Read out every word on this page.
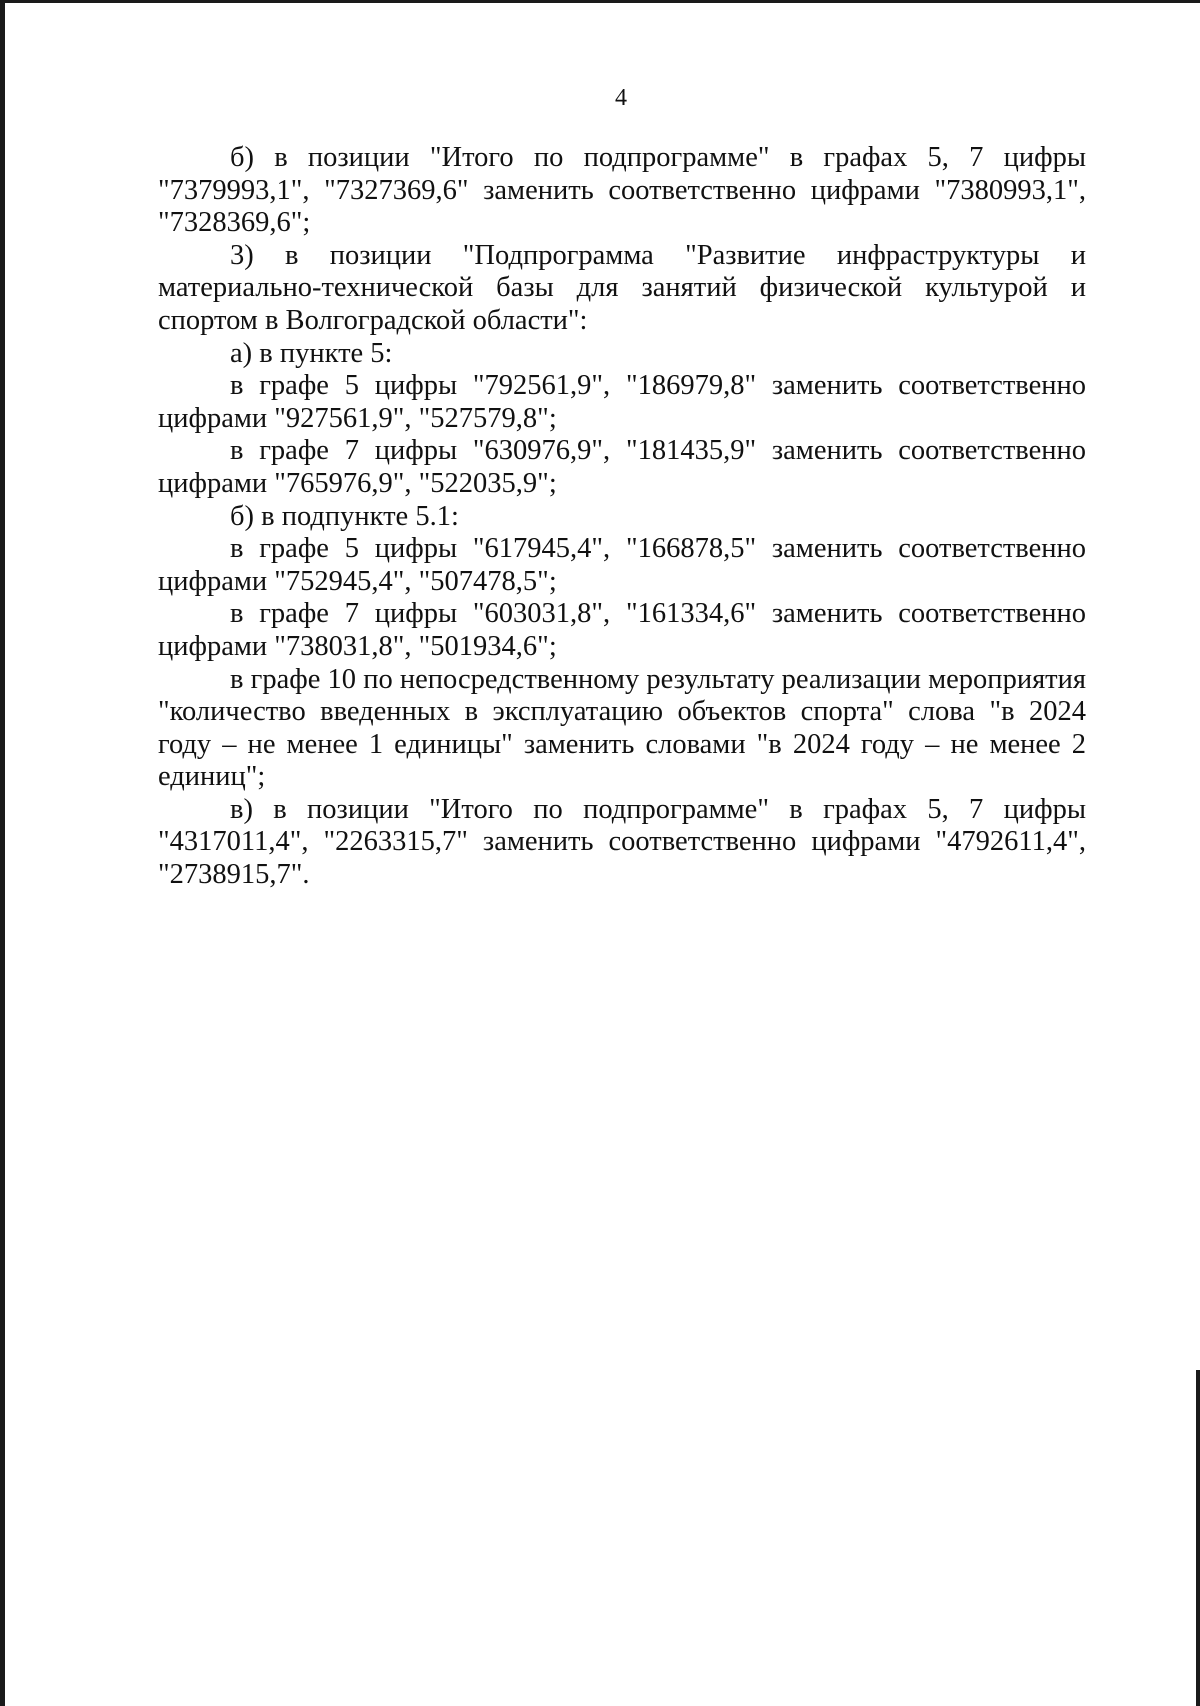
4

б) в позиции "Итого по подпрограмме" в графах 5, 7 цифры "7379993,1", "7327369,6" заменить соответственно цифрами "7380993,1", "7328369,6";

3) в позиции "Подпрограмма "Развитие инфраструктуры и материально-технической базы для занятий физической культурой и спортом в Волгоградской области":

а) в пункте 5:

в графе 5 цифры "792561,9", "186979,8" заменить соответственно цифрами "927561,9", "527579,8";

в графе 7 цифры "630976,9", "181435,9" заменить соответственно цифрами "765976,9", "522035,9";

б) в подпункте 5.1:

в графе 5 цифры "617945,4", "166878,5" заменить соответственно цифрами "752945,4", "507478,5";

в графе 7 цифры "603031,8", "161334,6" заменить соответственно цифрами "738031,8", "501934,6";

в графе 10 по непосредственному результату реализации мероприятия "количество введенных в эксплуатацию объектов спорта" слова "в 2024 году – не менее 1 единицы" заменить словами "в 2024 году – не менее 2 единиц";

в) в позиции "Итого по подпрограмме" в графах 5, 7 цифры "4317011,4", "2263315,7" заменить соответственно цифрами "4792611,4", "2738915,7".
